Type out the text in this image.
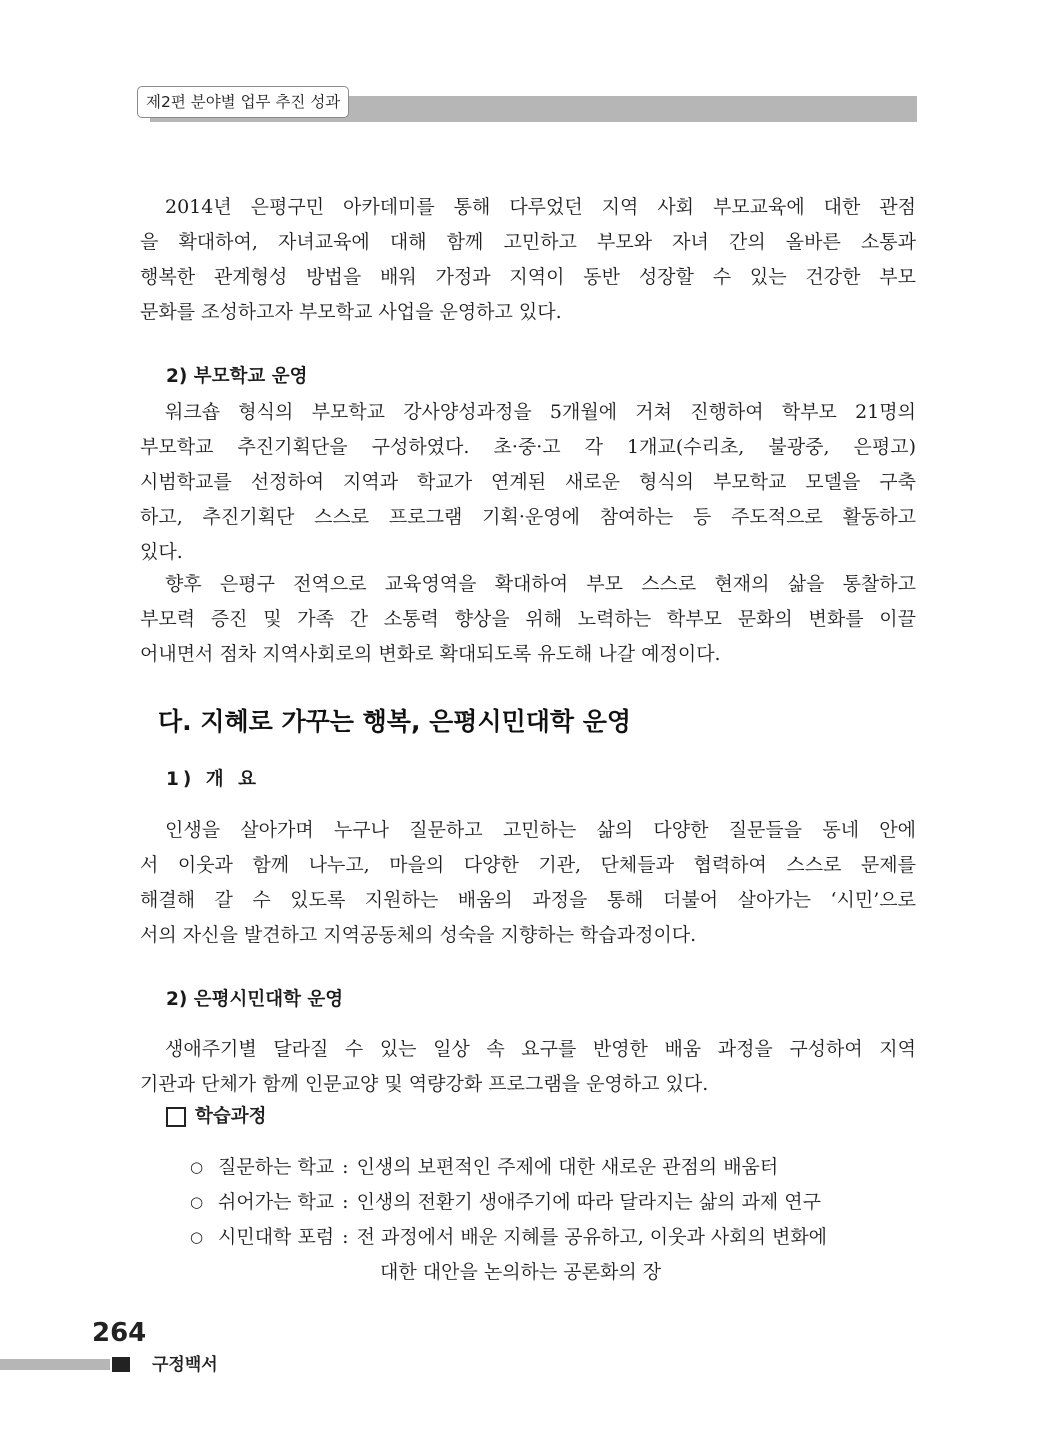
제2편 분야별 업무 추진 성과

2014년 은평구민 아카데미를 통해 다루었던 지역 사회 부모교육에 대한 관점

을 확대하여, 자녀교육에 대해 함께 고민하고 부모와 자녀 간의 올바른 소통과

행복한 관계형성 방법을 배워 가정과 지역이 동반 성장할 수 있는 건강한 부모

문화를 조성하고자 부모학교 사업을 운영하고 있다.

2) 부모학교 운영

워크숍 형식의 부모학교 강사양성과정을 5개월에 거쳐 진행하여 학부모 21명의

부모학교 추진기획단을 구성하였다. 초·중·고 각 1개교(수리초, 불광중, 은평고)

시범학교를 선정하여 지역과 학교가 연계된 새로운 형식의 부모학교 모델을 구축

하고, 추진기획단 스스로 프로그램 기획·운영에 참여하는 등 주도적으로 활동하고

있다.

향후 은평구 전역으로 교육영역을 확대하여 부모 스스로 현재의 삶을 통찰하고

부모력 증진 및 가족 간 소통력 향상을 위해 노력하는 학부모 문화의 변화를 이끌

어내면서 점차 지역사회로의 변화로 확대되도록 유도해 나갈 예정이다.

다. 지혜로 가꾸는 행복, 은평시민대학 운영

1) 개 요

인생을 살아가며 누구나 질문하고 고민하는 삶의 다양한 질문들을 동네 안에

서 이웃과 함께 나누고, 마을의 다양한 기관, 단체들과 협력하여 스스로 문제를

해결해 갈 수 있도록 지원하는 배움의 과정을 통해 더불어 살아가는 ‘시민’으로

서의 자신을 발견하고 지역공동체의 성숙을 지향하는 학습과정이다.

2) 은평시민대학 운영

생애주기별 달라질 수 있는 일상 속 요구를 반영한 배움 과정을 구성하여 지역

기관과 단체가 함께 인문교양 및 역량강화 프로그램을 운영하고 있다.

학습과정
○ 질문하는 학교 : 인생의 보편적인 주제에 대한 새로운 관점의 배움터
○ 쉬어가는 학교 : 인생의 전환기 생애주기에 따라 달라지는 삶의 과제 연구
○ 시민대학 포럼 : 전 과정에서 배운 지혜를 공유하고, 이웃과 사회의 변화에
대한 대안을 논의하는 공론화의 장

264

구정백서
